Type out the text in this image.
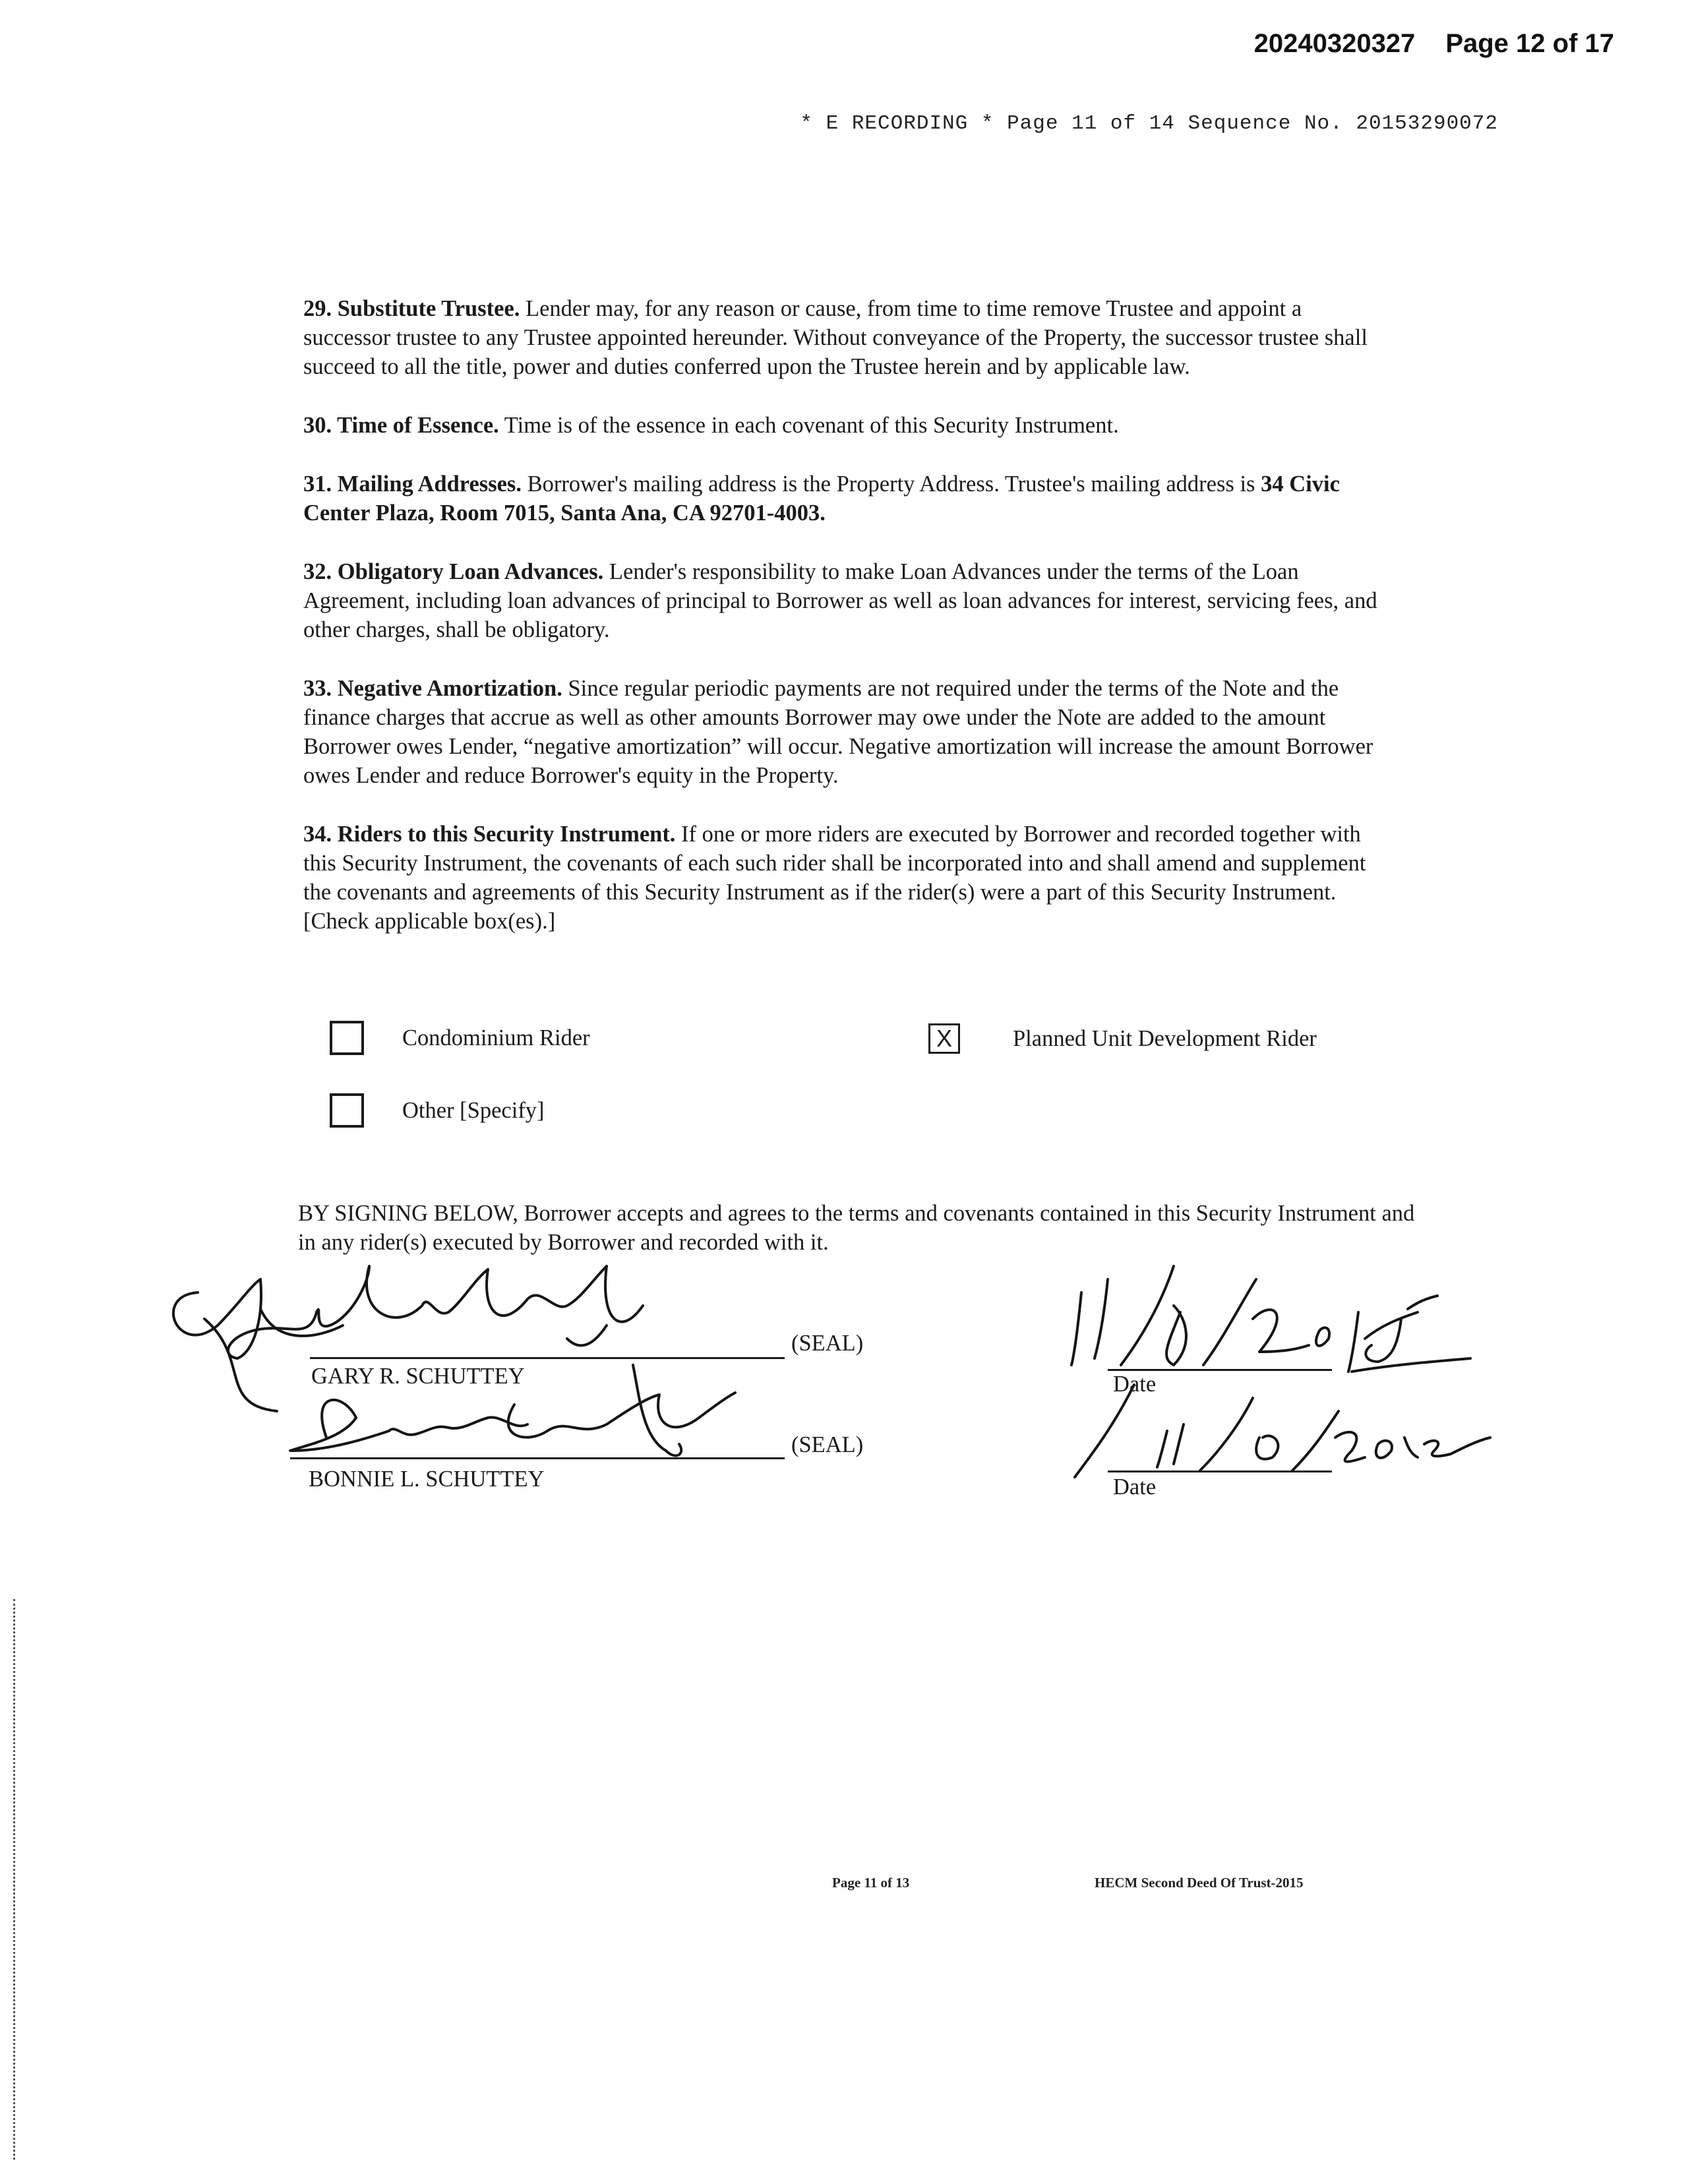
20240320327 Page 12 of 17
* E RECORDING * Page 11 of 14 Sequence No. 20153290072

29. Substitute Trustee. Lender may, for any reason or cause, from time to time remove Trustee and appoint a successor trustee to any Trustee appointed hereunder. Without conveyance of the Property, the successor trustee shall succeed to all the title, power and duties conferred upon the Trustee herein and by applicable law.

30. Time of Essence. Time is of the essence in each covenant of this Security Instrument.

31. Mailing Addresses. Borrower's mailing address is the Property Address. Trustee's mailing address is 34 Civic Center Plaza, Room 7015, Santa Ana, CA 92701-4003.

32. Obligatory Loan Advances. Lender's responsibility to make Loan Advances under the terms of the Loan Agreement, including loan advances of principal to Borrower as well as loan advances for interest, servicing fees, and other charges, shall be obligatory.

33. Negative Amortization. Since regular periodic payments are not required under the terms of the Note and the finance charges that accrue as well as other amounts Borrower may owe under the Note are added to the amount Borrower owes Lender, “negative amortization” will occur. Negative amortization will increase the amount Borrower owes Lender and reduce Borrower's equity in the Property.

34. Riders to this Security Instrument. If one or more riders are executed by Borrower and recorded together with this Security Instrument, the covenants of each such rider shall be incorporated into and shall amend and supplement the covenants and agreements of this Security Instrument as if the rider(s) were a part of this Security Instrument. [Check applicable box(es).]

Condominium Rider	X	Planned Unit Development Rider
Other [Specify]
BY SIGNING BELOW, Borrower accepts and agrees to the terms and covenants contained in this Security Instrument and in any rider(s) executed by Borrower and recorded with it.
(SEAL)
GARY R. SCHUTTEY
(SEAL)
BONNIE L. SCHUTTEY
Date
Date
Page 11 of 13	HECM Second Deed Of Trust-2015
